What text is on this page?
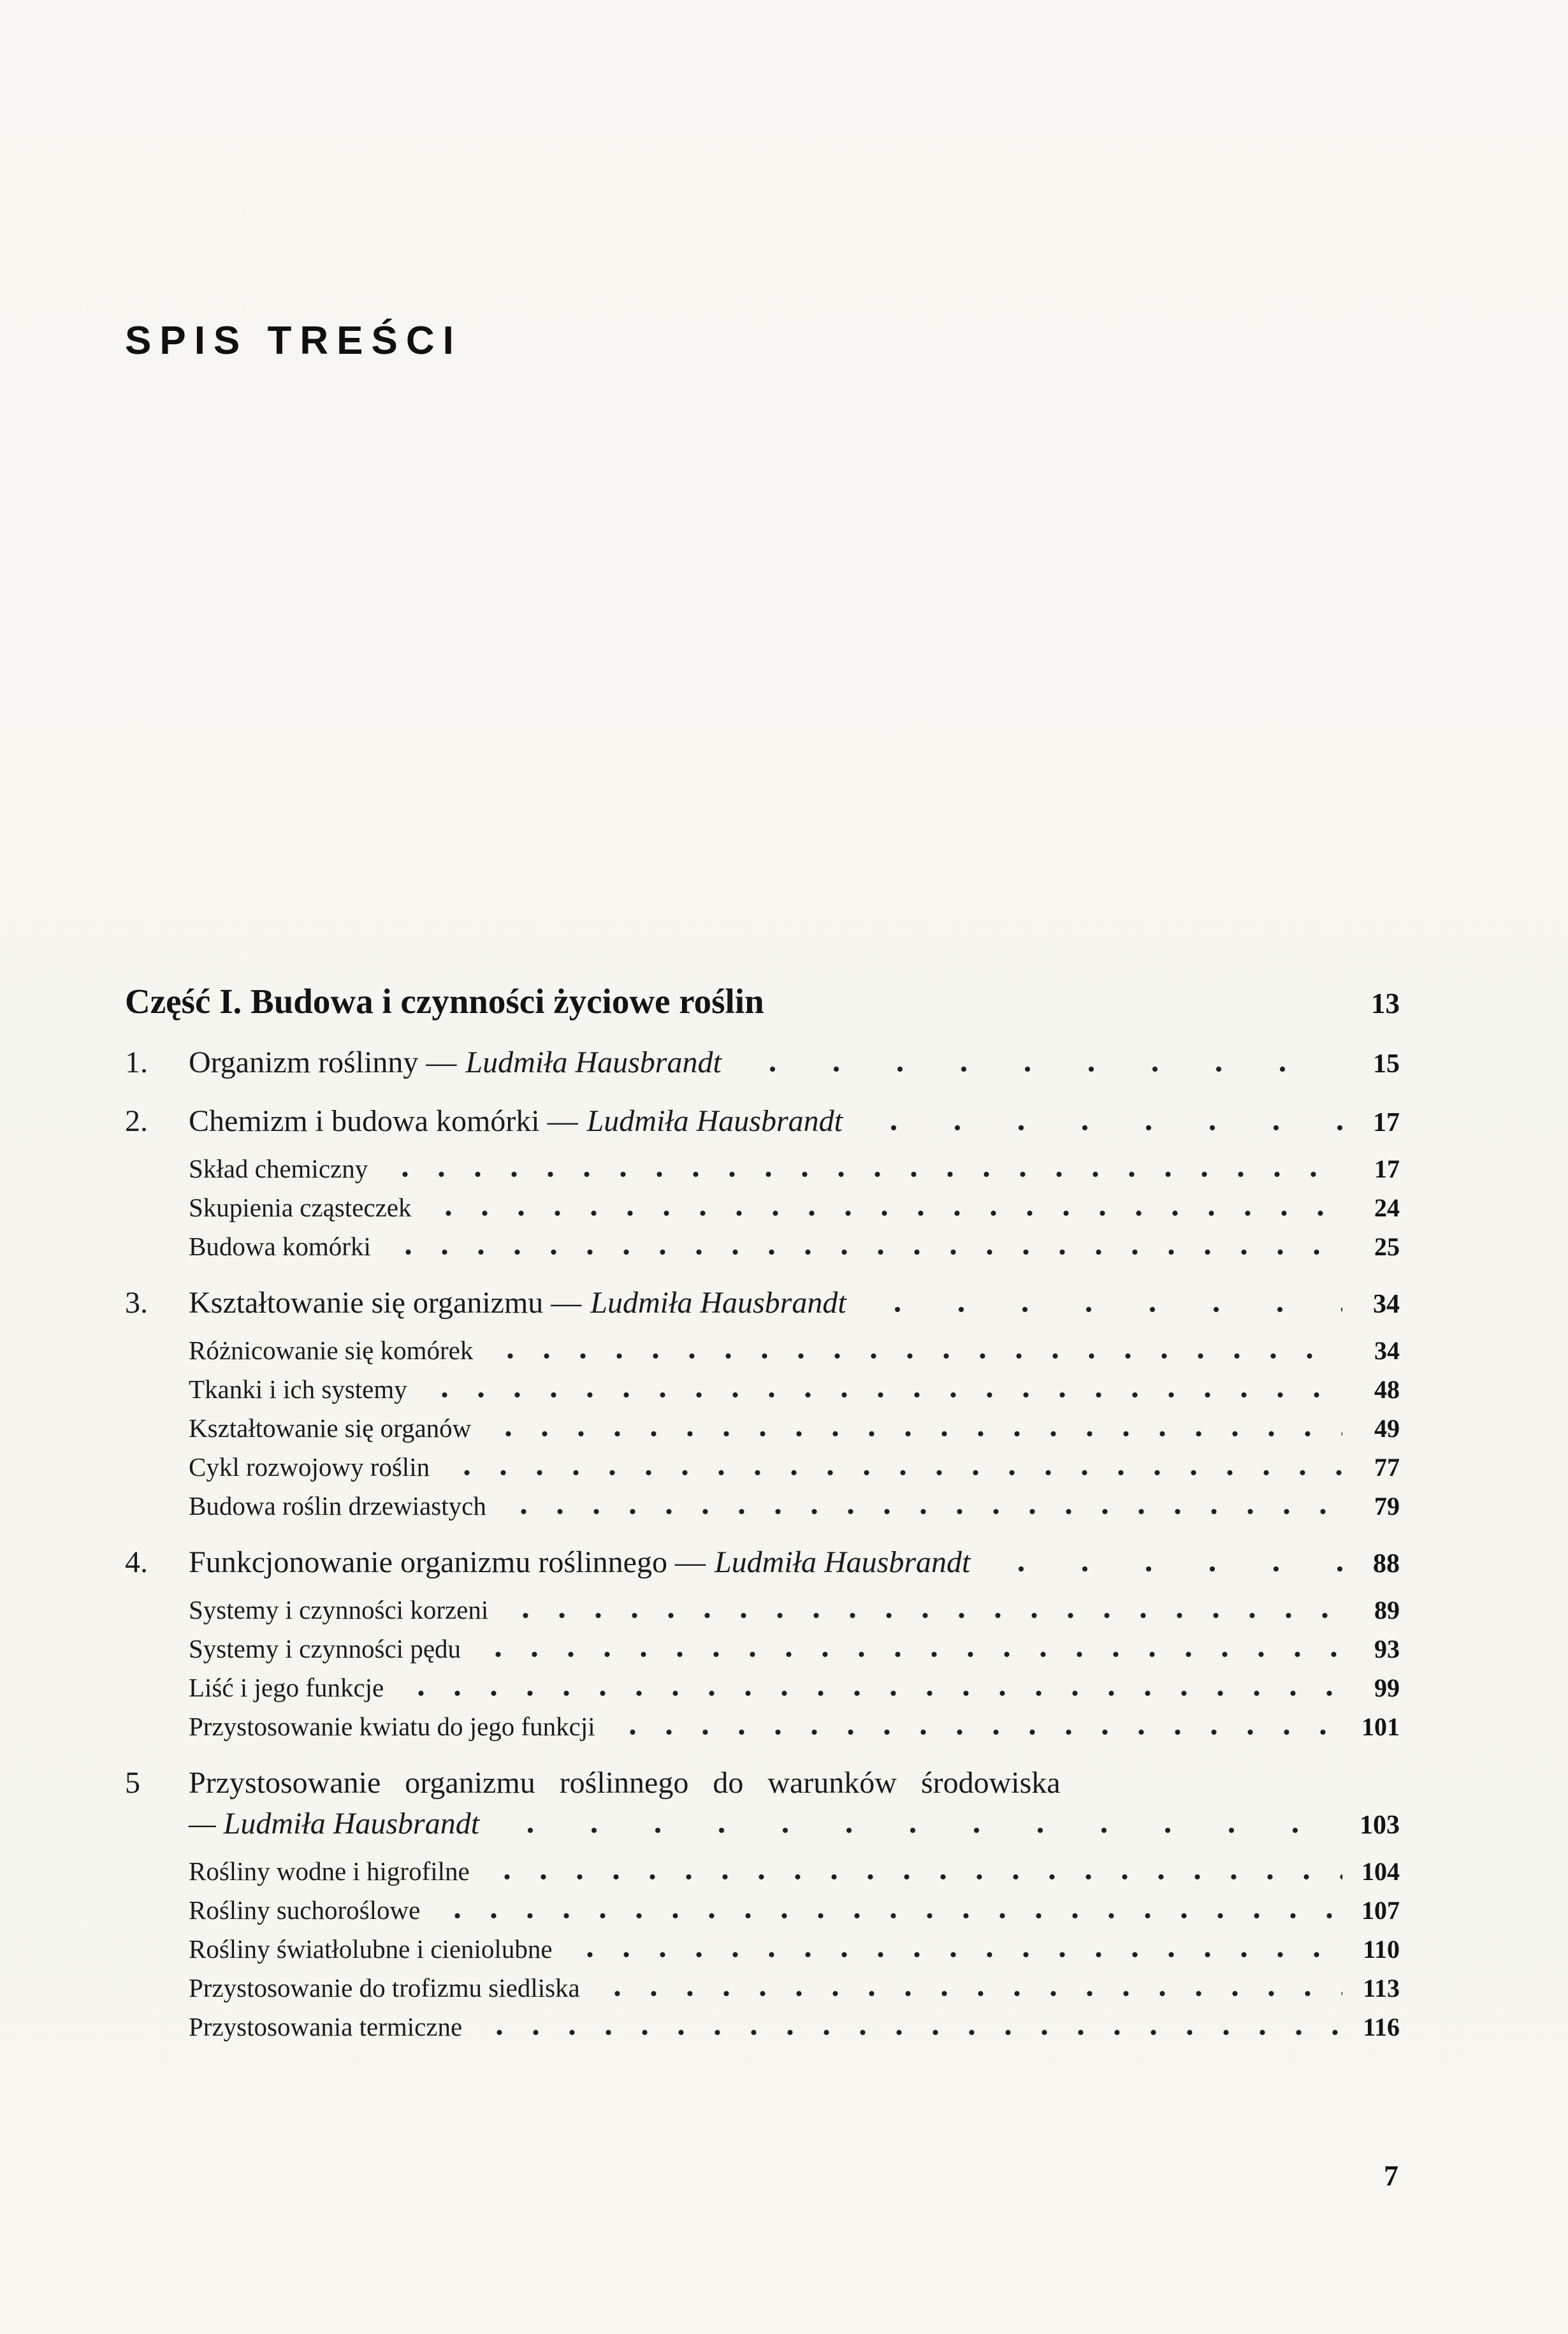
SPIS TREŚCI
Część I. Budowa i czynności życiowe roślin	13
1.	Organizm roślinny — Ludmiła Hausbrandt	15
2.	Chemizm i budowa komórki — Ludmiła Hausbrandt	17
Skład chemiczny	17
Skupienia cząsteczek	24
Budowa komórki	25
3.	Kształtowanie się organizmu — Ludmiła Hausbrandt	34
Różnicowanie się komórek	34
Tkanki i ich systemy	48
Kształtowanie się organów	49
Cykl rozwojowy roślin	77
Budowa roślin drzewiastych	79
4.	Funkcjonowanie organizmu roślinnego — Ludmiła Hausbrandt	88
Systemy i czynności korzeni	89
Systemy i czynności pędu	93
Liść i jego funkcje	99
Przystosowanie kwiatu do jego funkcji	101
5	Przystosowanie organizmu roślinnego do warunków środowiska
— Ludmiła Hausbrandt	103
Rośliny wodne i higrofilne	104
Rośliny suchoroślowe	107
Rośliny światłolubne i cieniolubne	110
Przystosowanie do trofizmu siedliska	113
Przystosowania termiczne	116
7
